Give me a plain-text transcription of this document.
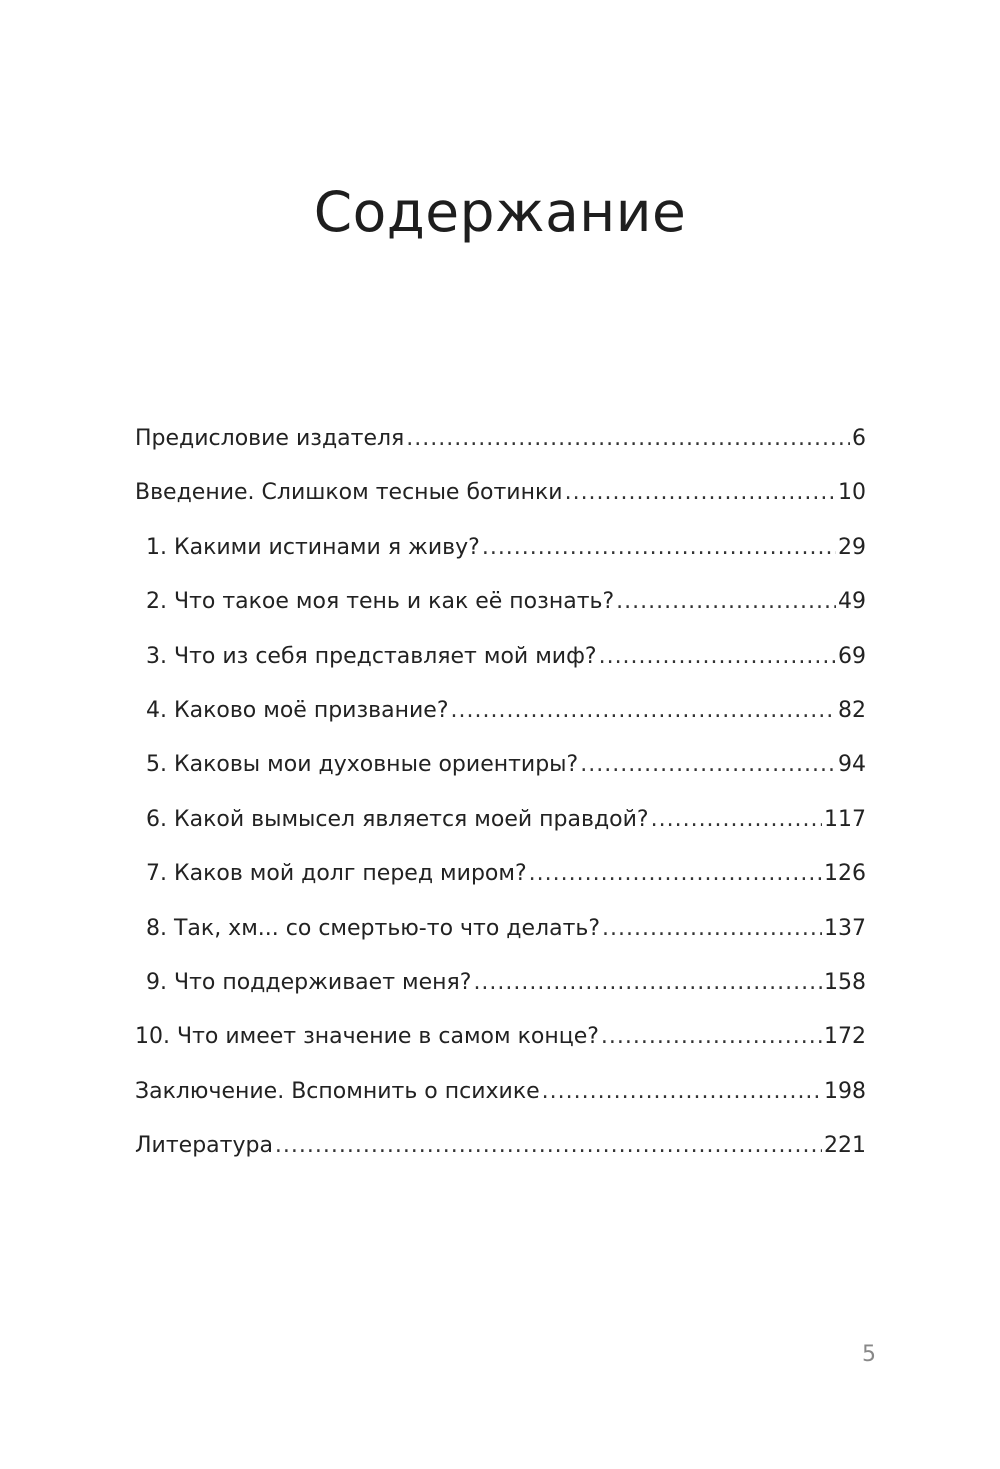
Содержание
Предисловие издателя .....	6
Введение. Слишком тесные ботинки .....	10
1. Какими истинами я живу? .....	29
2. Что такое моя тень и как её познать? .....	49
3. Что из себя представляет мой миф? .....	69
4. Каково моё призвание? .....	82
5. Каковы мои духовные ориентиры? .....	94
6. Какой вымысел является моей правдой? .....	117
7. Каков мой долг перед миром? .....	126
8. Так, хм... со смертью-то что делать? .....	137
9. Что поддерживает меня? .....	158
10. Что имеет значение в самом конце? .....	172
Заключение. Вспомнить о психике .....	198
Литература .....	221
5
